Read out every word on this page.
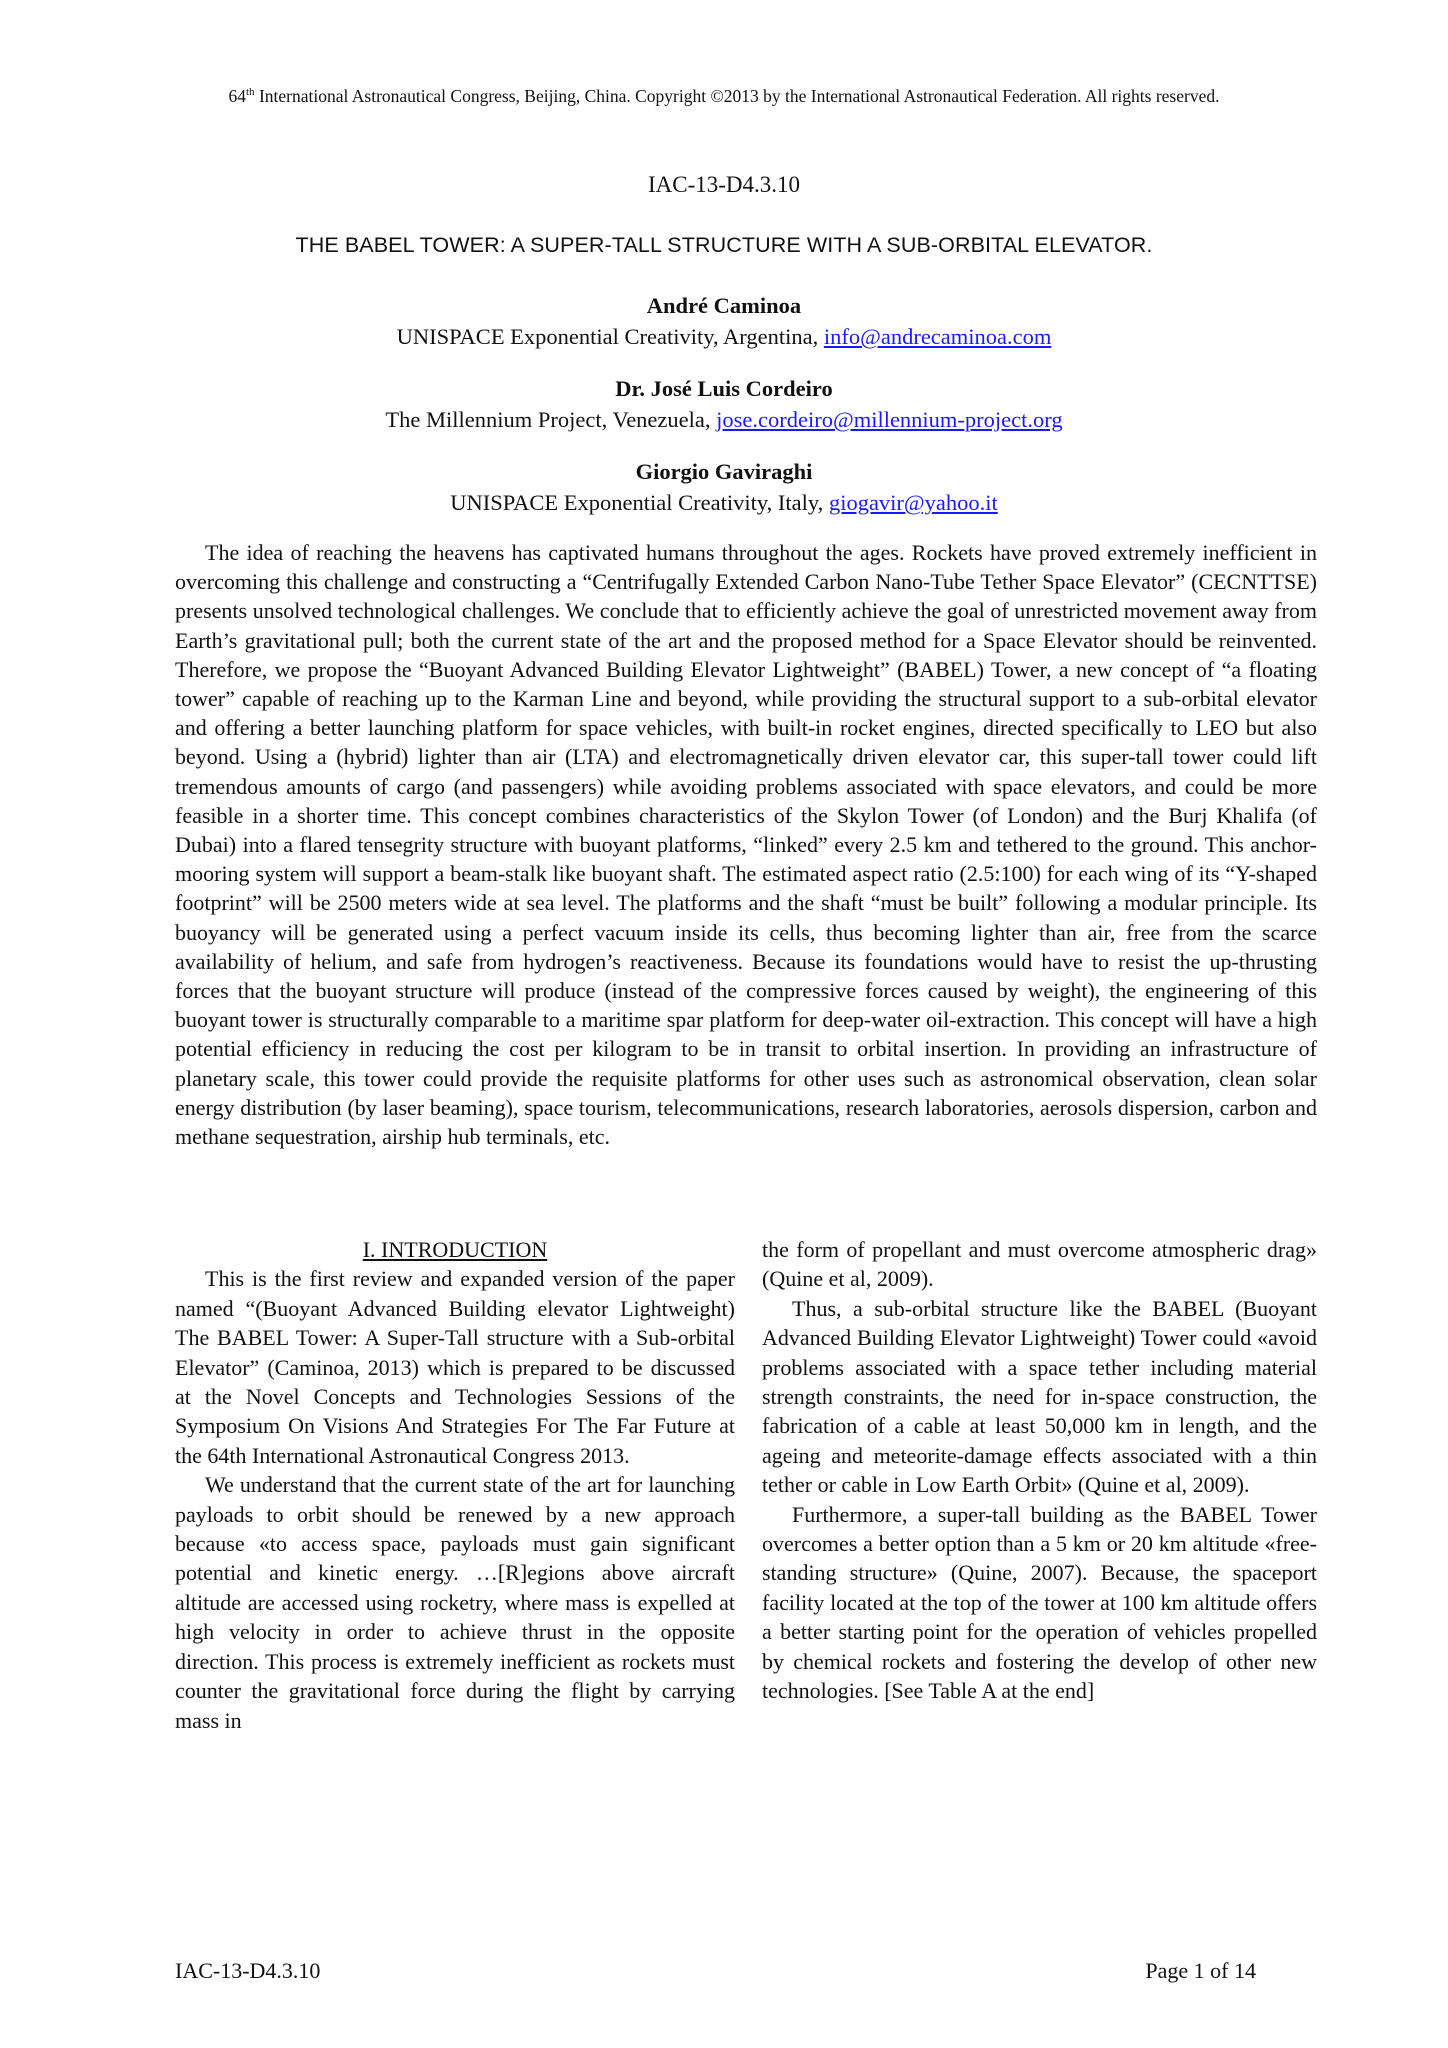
64th International Astronautical Congress, Beijing, China. Copyright ©2013 by the International Astronautical Federation. All rights reserved.
IAC-13-D4.3.10
THE BABEL TOWER: A SUPER-TALL STRUCTURE WITH A SUB-ORBITAL ELEVATOR.
André Caminoa
UNISPACE Exponential Creativity, Argentina, info@andrecaminoa.com
Dr. José Luis Cordeiro
The Millennium Project, Venezuela, jose.cordeiro@millennium-project.org
Giorgio Gaviraghi
UNISPACE Exponential Creativity, Italy, giogavir@yahoo.it

The idea of reaching the heavens has captivated humans throughout the ages. Rockets have proved extremely inefficient in overcoming this challenge and constructing a “Centrifugally Extended Carbon Nano-Tube Tether Space Elevator” (CECNTTSE) presents unsolved technological challenges. We conclude that to efficiently achieve the goal of unrestricted movement away from Earth’s gravitational pull; both the current state of the art and the proposed method for a Space Elevator should be reinvented. Therefore, we propose the “Buoyant Advanced Building Elevator Lightweight” (BABEL) Tower, a new concept of “a floating tower” capable of reaching up to the Karman Line and beyond, while providing the structural support to a sub-orbital elevator and offering a better launching platform for space vehicles, with built-in rocket engines, directed specifically to LEO but also beyond. Using a (hybrid) lighter than air (LTA) and electromagnetically driven elevator car, this super-tall tower could lift tremendous amounts of cargo (and passengers) while avoiding problems associated with space elevators, and could be more feasible in a shorter time. This concept combines characteristics of the Skylon Tower (of London) and the Burj Khalifa (of Dubai) into a flared tensegrity structure with buoyant platforms, “linked” every 2.5 km and tethered to the ground. This anchor-mooring system will support a beam-stalk like buoyant shaft. The estimated aspect ratio (2.5:100) for each wing of its “Y-shaped footprint” will be 2500 meters wide at sea level. The platforms and the shaft “must be built” following a modular principle. Its buoyancy will be generated using a perfect vacuum inside its cells, thus becoming lighter than air, free from the scarce availability of helium, and safe from hydrogen’s reactiveness. Because its foundations would have to resist the up-thrusting forces that the buoyant structure will produce (instead of the compressive forces caused by weight), the engineering of this buoyant tower is structurally comparable to a maritime spar platform for deep-water oil-extraction. This concept will have a high potential efficiency in reducing the cost per kilogram to be in transit to orbital insertion. In providing an infrastructure of planetary scale, this tower could provide the requisite platforms for other uses such as astronomical observation, clean solar energy distribution (by laser beaming), space tourism, telecommunications, research laboratories, aerosols dispersion, carbon and methane sequestration, airship hub terminals, etc.

I. INTRODUCTION

This is the first review and expanded version of the paper named “(Buoyant Advanced Building elevator Lightweight) The BABEL Tower: A Super-Tall structure with a Sub-orbital Elevator” (Caminoa, 2013) which is prepared to be discussed at the Novel Concepts and Technologies Sessions of the Symposium On Visions And Strategies For The Far Future at the 64th International Astronautical Congress 2013.

We understand that the current state of the art for launching payloads to orbit should be renewed by a new approach because «to access space, payloads must gain significant potential and kinetic energy. …[R]egions above aircraft altitude are accessed using rocketry, where mass is expelled at high velocity in order to achieve thrust in the opposite direction. This process is extremely inefficient as rockets must counter the gravitational force during the flight by carrying mass in

the form of propellant and must overcome atmospheric drag» (Quine et al, 2009).

Thus, a sub-orbital structure like the BABEL (Buoyant Advanced Building Elevator Lightweight) Tower could «avoid problems associated with a space tether including material strength constraints, the need for in-space construction, the fabrication of a cable at least 50,000 km in length, and the ageing and meteorite-damage effects associated with a thin tether or cable in Low Earth Orbit» (Quine et al, 2009).

Furthermore, a super-tall building as the BABEL Tower overcomes a better option than a 5 km or 20 km altitude «free-standing structure» (Quine, 2007). Because, the spaceport facility located at the top of the tower at 100 km altitude offers a better starting point for the operation of vehicles propelled by chemical rockets and fostering the develop of other new technologies. [See Table A at the end]

IAC-13-D4.3.10	Page 1 of 14
